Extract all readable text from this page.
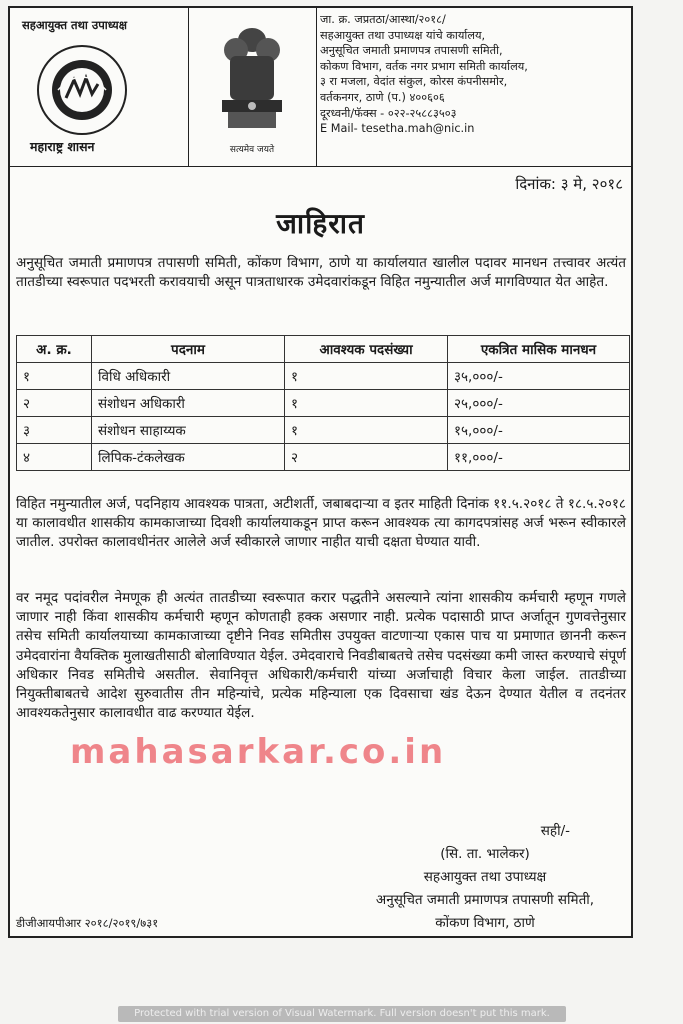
सहआयुक्त तथा उपाध्यक्ष
महाराष्ट्र शासन	सत्यमेव जयते
जा. क्र. जप्रतठा/आस्था/२०१८/
सहआयुक्त तथा उपाध्यक्ष यांचे कार्यालय,
अनुसूचित जमाती प्रमाणपत्र तपासणी समिती,
कोकण विभाग, वर्तक नगर प्रभाग समिती कार्यालय,
३ रा मजला, वेदांत संकुल, कोरस कंपनीसमोर,
वर्तकनगर, ठाणे (प.) ४००६०६
दूरध्वनी/फॅक्स - ०२२-२५८८३५०३
E Mail- tesetha.mah@nic.in
दिनांक: ३ मे, २०१८
जाहिरात
अनुसूचित जमाती प्रमाणपत्र तपासणी समिती, कोंकण विभाग, ठाणे या कार्यालयात खालील पदावर मानधन तत्त्वावर अत्यंत तातडीच्या स्वरूपात पदभरती करावयाची असून पात्रताधारक उमेदवारांकडून विहित नमुन्यातील अर्ज मागविण्यात येत आहेत.
अ. क्र.	पदनाम	आवश्यक पदसंख्या	एकत्रित मासिक मानधन
१	विधि अधिकारी	१	३५,०००/-
२	संशोधन अधिकारी	१	२५,०००/-
३	संशोधन साहाय्यक	१	१५,०००/-
४	लिपिक-टंकलेखक	२	११,०००/-
विहित नमुन्यातील अर्ज, पदनिहाय आवश्यक पात्रता, अटीशर्ती, जबाबदाऱ्या व इतर माहिती दिनांक ११.५.२०१८ ते १८.५.२०१८ या कालावधीत शासकीय कामकाजाच्या दिवशी कार्यालयाकडून प्राप्त करून आवश्यक त्या कागदपत्रांसह अर्ज भरून स्वीकारले जातील. उपरोक्त कालावधीनंतर आलेले अर्ज स्वीकारले जाणार नाहीत याची दक्षता घेण्यात यावी.
वर नमूद पदांवरील नेमणूक ही अत्यंत तातडीच्या स्वरूपात करार पद्धतीने असल्याने त्यांना शासकीय कर्मचारी म्हणून गणले जाणार नाही किंवा शासकीय कर्मचारी म्हणून कोणताही हक्क असणार नाही. प्रत्येक पदासाठी प्राप्त अर्जातून गुणवत्तेनुसार तसेच समिती कार्यालयाच्या कामकाजाच्या दृष्टीने निवड समितीस उपयुक्त वाटणाऱ्या एकास पाच या प्रमाणात छाननी करून उमेदवारांना वैयक्तिक मुलाखतीसाठी बोलाविण्यात येईल. उमेदवाराचे निवडीबाबतचे तसेच पदसंख्या कमी जास्त करण्याचे संपूर्ण अधिकार निवड समितीचे असतील. सेवानिवृत्त अधिकारी/कर्मचारी यांच्या अर्जाचाही विचार केला जाईल. तातडीच्या नियुक्तीबाबतचे आदेश सुरुवातीस तीन महिन्यांचे, प्रत्येक महिन्याला एक दिवसाचा खंड देऊन देण्यात येतील व तदनंतर आवश्यकतेनुसार कालावधीत वाढ करण्यात येईल.
mahasarkar.co.in
सही/-
(सि. ता. भालेकर)
सहआयुक्त तथा उपाध्यक्ष
अनुसूचित जमाती प्रमाणपत्र तपासणी समिती,
कोंकण विभाग, ठाणे
डीजीआयपीआर २०१८/२०१९/७३१
Protected with trial version of Visual Watermark. Full version doesn't put this mark.
